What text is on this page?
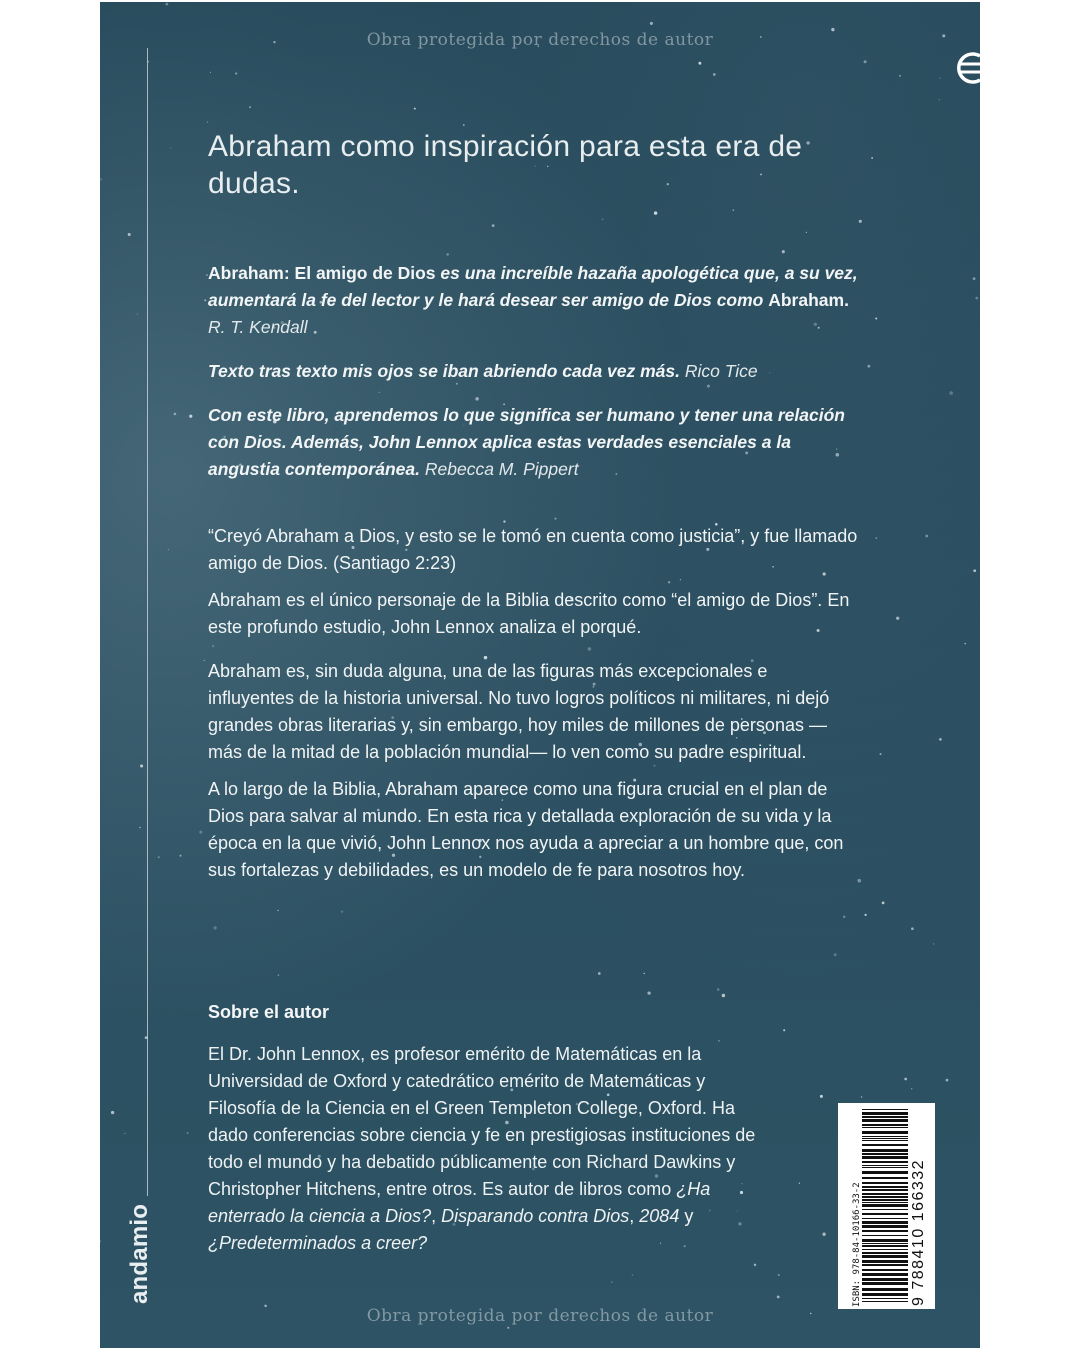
Obra protegida por derechos de autor
andamio
Abraham como inspiración para esta era de dudas.

Abraham: El amigo de Dios es una increíble hazaña apologética que, a su vez, aumentará la fe del lector y le hará desear ser amigo de Dios como Abraham. R. T. Kendall

Texto tras texto mis ojos se iban abriendo cada vez más. Rico Tice

Con este libro, aprendemos lo que significa ser humano y tener una relación con Dios. Además, John Lennox aplica estas verdades esenciales a la angustia contemporánea. Rebecca M. Pippert

“Creyó Abraham a Dios, y esto se le tomó en cuenta como justicia”, y fue llamado amigo de Dios. (Santiago 2:23)

Abraham es el único personaje de la Biblia descrito como “el amigo de Dios”. En este profundo estudio, John Lennox analiza el porqué.

Abraham es, sin duda alguna, una de las figuras más excepcionales e influyentes de la historia universal. No tuvo logros políticos ni militares, ni dejó grandes obras literarias y, sin embargo, hoy miles de millones de personas —más de la mitad de la población mundial— lo ven como su padre espiritual.

A lo largo de la Biblia, Abraham aparece como una figura crucial en el plan de Dios para salvar al mundo. En esta rica y detallada exploración de su vida y la época en la que vivió, John Lennox nos ayuda a apreciar a un hombre que, con sus fortalezas y debilidades, es un modelo de fe para nosotros hoy.

Sobre el autor
El Dr. John Lennox, es profesor emérito de Matemáticas en la Universidad de Oxford y catedrático emérito de Matemáticas y Filosofía de la Ciencia en el Green Templeton College, Oxford. Ha dado conferencias sobre ciencia y fe en prestigiosas instituciones de todo el mundo y ha debatido públicamente con Richard Dawkins y Christopher Hitchens, entre otros. Es autor de libros como ¿Ha enterrado la ciencia a Dios?, Disparando contra Dios, 2084 y ¿Predeterminados a creer?	ISBN: 978-84-10166-33-2	9 788410 166332
Obra protegida por derechos de autor
